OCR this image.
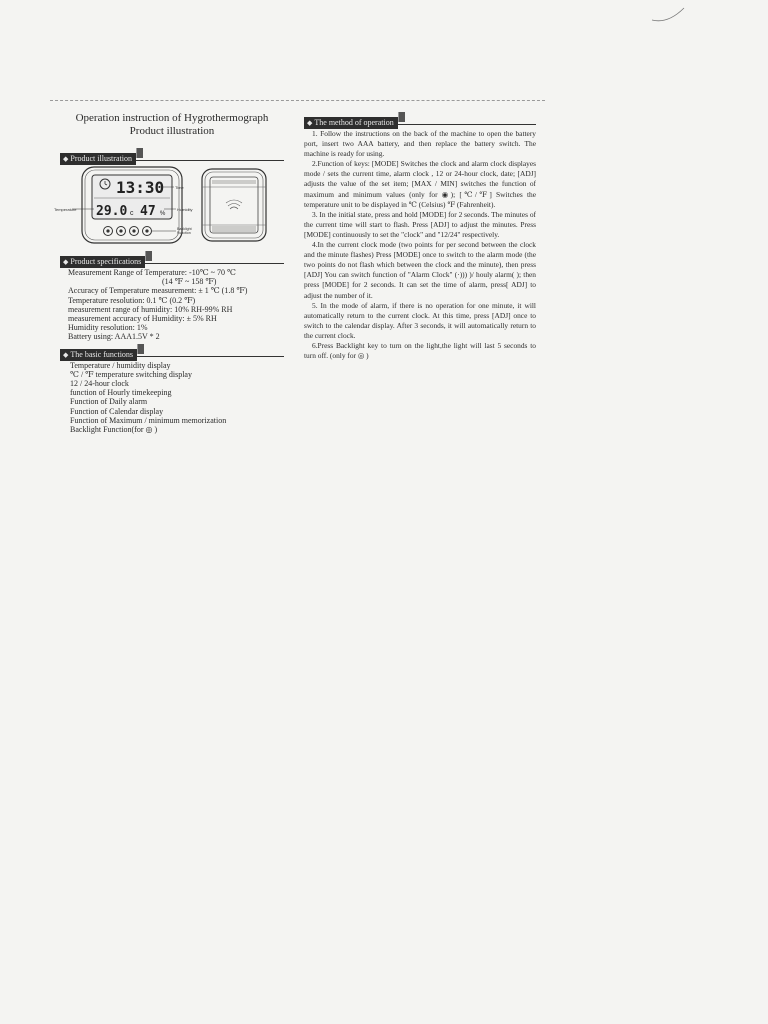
Operation instruction of Hygrothermograph
Product illustration
◆ Product illustration
13:30
29.0 c 47 %
Time
Temperature	Humidity
Backlight
Function
◆ Product specifications
Measurement Range of Temperature: -10℃ ~ 70 ℃
(14 ℉ ~ 158 ℉)
Accuracy of Temperature measurement: ± 1 ℃ (1.8 ℉)
Temperature resolution: 0.1 ℃ (0.2 ℉)
measurement range of humidity: 10% RH-99% RH
measurement accuracy of Humidity: ± 5% RH
Humidity resolution: 1%
Battery using: AAA1.5V * 2
◆ The basic functions
Temperature / humidity display
℃ / ℉ temperature switching display
12 / 24-hour clock
function of Hourly timekeeping
Function of Daily alarm
Function of Calendar display
Function of Maximum / minimum memorization
Backlight Function(for ◎ )
◆ The method of operation

1. Follow the instructions on the back of the machine to open the battery port, insert two AAA battery, and then replace the battery switch. The machine is ready for using.

2.Function of keys: [MODE] Switches the clock and alarm clock displayes mode / sets the current time, alarm clock , 12 or 24-hour clock, date; [ADJ] adjusts the value of the set item; [MAX / MIN] switches the function of maximum and minimum values (only for ◉); [℃/℉] Switches the temperature unit to be displayed in ℃ (Celsius) ℉ (Fahrenheit).

3. In the initial state, press and hold [MODE] for 2 seconds. The minutes of the current time will start to flash. Press [ADJ] to adjust the minutes. Press [MODE] continuously to set the "clock" and "12/24" respectively.

4.In the current clock mode (two points for per second between the clock and the minute flashes) Press [MODE] once to switch to the alarm mode (the two points do not flash which between the clock and the minute), then press [ADJ] You can switch function of "Alarm Clock" (·))) )/ houly alarm( ); then press [MODE] for 2 seconds. It can set the time of alarm, press[ ADJ] to adjust the number of it.

5. In the mode of alarm, if there is no operation for one minute, it will automatically return to the current clock. At this time, press [ADJ] once to switch to the calendar display. After 3 seconds, it will automatically return to the current clock.

6.Press Backlight key to turn on the light,the light will last 5 seconds to turn off. (only for ◎ )
